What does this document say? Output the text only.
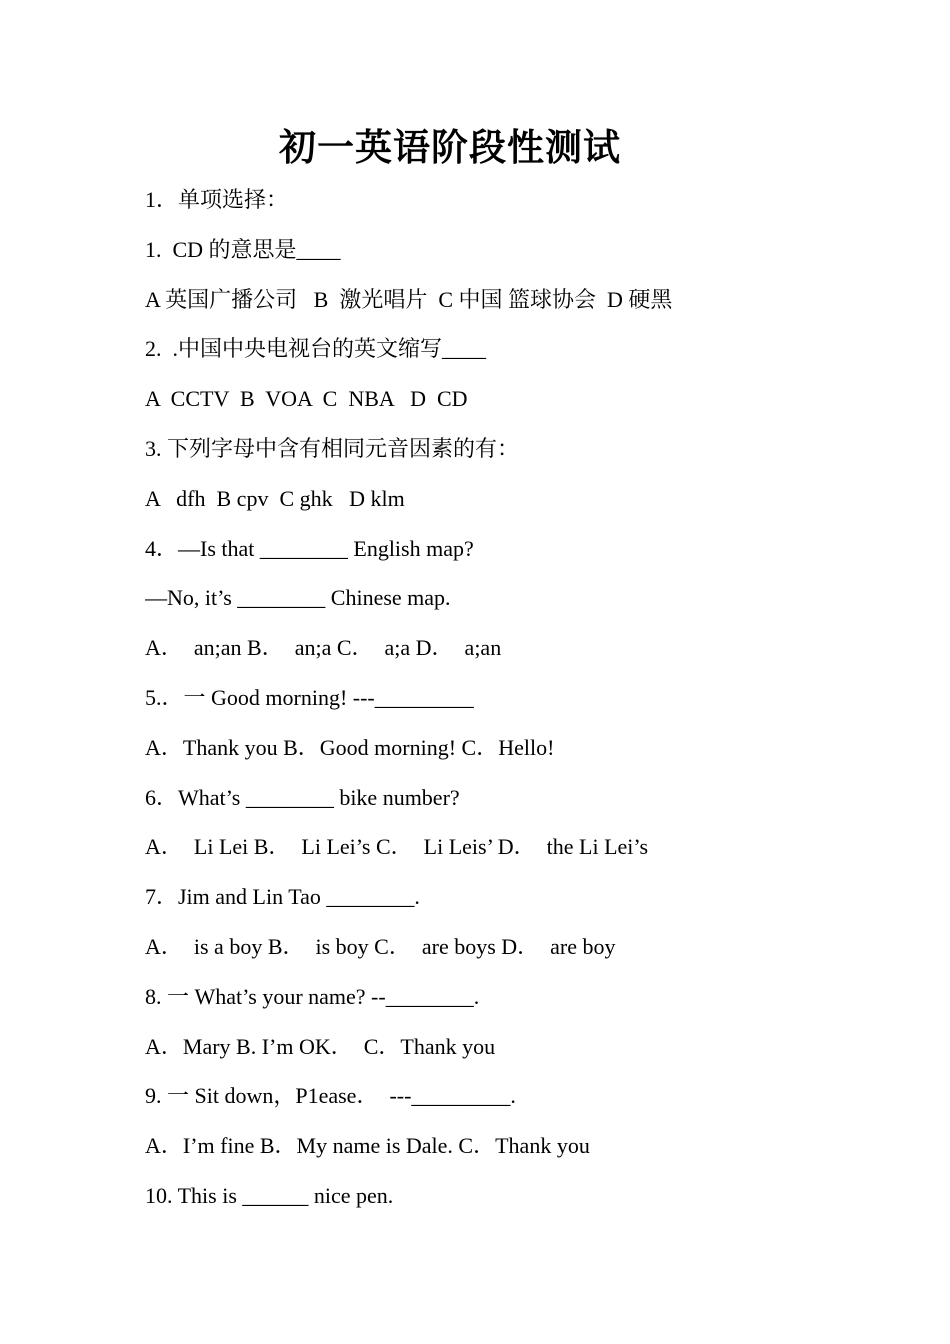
初一英语阶段性测试
1．单项选择：
1.  CD 的意思是____
A 英国广播公司   B  激光唱片  C 中国 篮球协会  D 硬黑
2.  .中国中央电视台的英文缩写____
A  CCTV  B  VOA  C  NBA   D  CD
3. 下列字母中含有相同元音因素的有：
A   dfh  B cpv  C ghk   D klm
4．—Is that ________ English map?
—No, it’s ________ Chinese map.
A．  an;an B．  an;a C．  a;a D．  a;an
5.．一 Good morning! ---_________
A．Thank you B．Good morning! C．Hello!
6．What’s ________ bike number?
A．  Li Lei B．  Li Lei’s C．  Li Leis’ D．  the Li Lei’s
7．Jim and Lin Tao ________.
A．  is a boy B．  is boy C．  are boys D．  are boy
8. 一 What’s your name? --________.
A．Mary B. I’m OK．  C．Thank you
9. 一 Sit down，P1ease．  ---_________.
A．I’m fine B．My name is Dale. C．Thank you
10. This is ______ nice pen.
